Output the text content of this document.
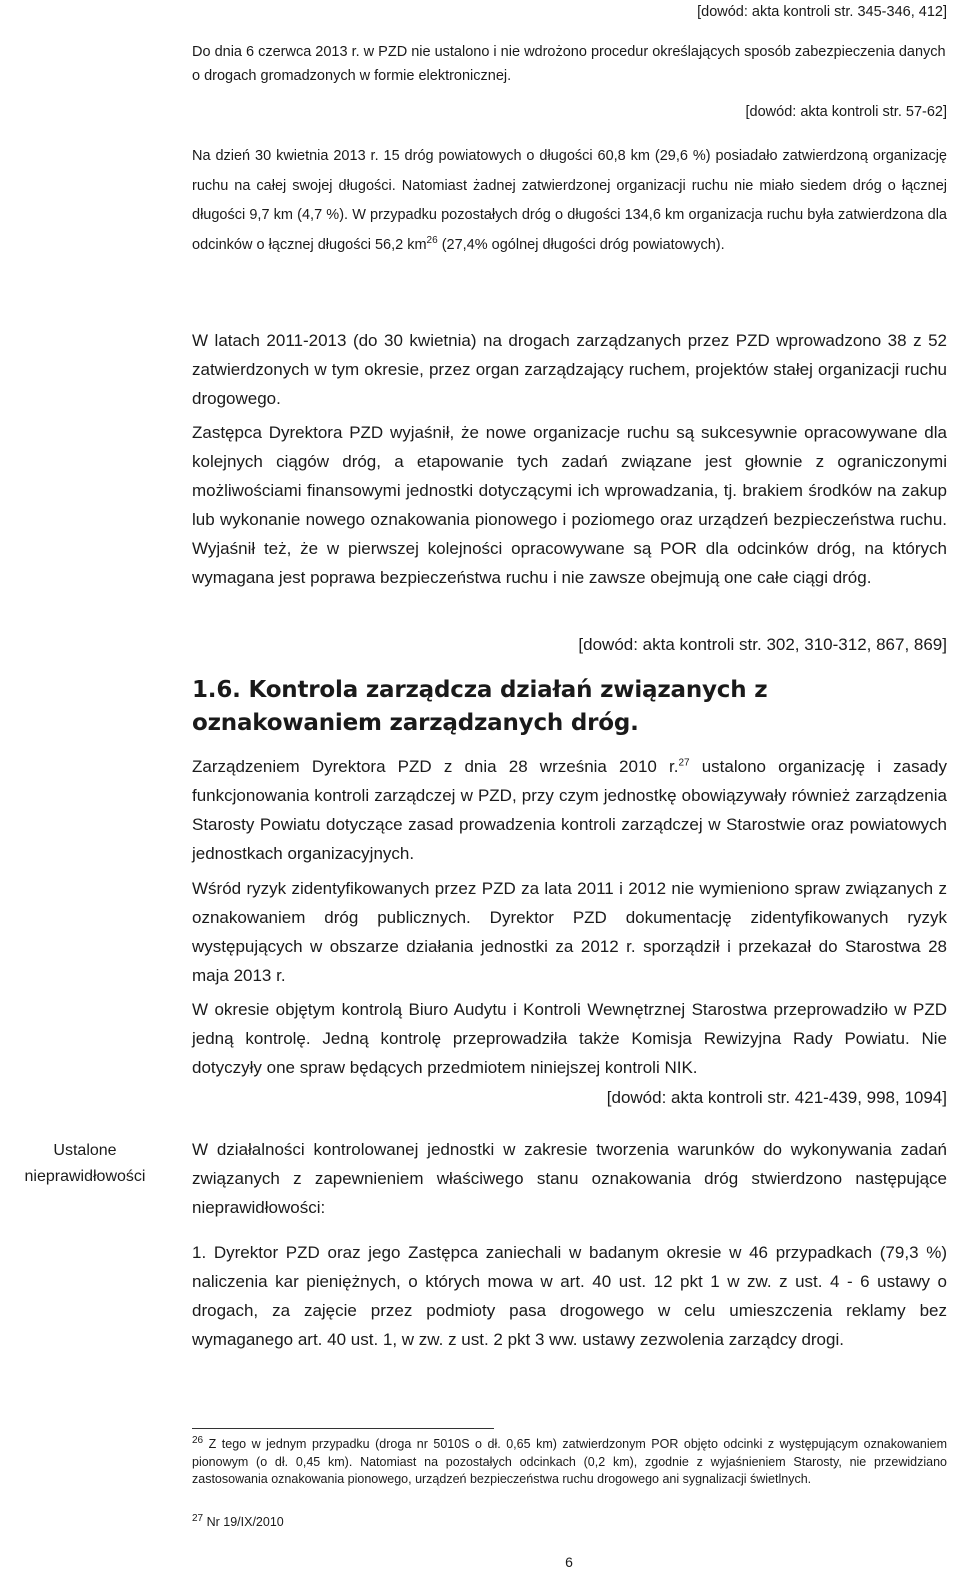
[dowód: akta kontroli str. 345-346, 412]
Do dnia 6 czerwca 2013 r. w PZD nie ustalono i nie wdrożono procedur określających sposób zabezpieczenia danych o drogach gromadzonych w formie elektronicznej.
[dowód: akta kontroli str. 57-62]
Na dzień 30 kwietnia 2013 r. 15 dróg powiatowych o długości 60,8 km (29,6 %) posiadało zatwierdzoną organizację ruchu na całej swojej długości. Natomiast żadnej zatwierdzonej organizacji ruchu nie miało siedem dróg o łącznej długości 9,7 km (4,7 %). W przypadku pozostałych dróg o długości 134,6 km organizacja ruchu była zatwierdzona dla odcinków o łącznej długości 56,2 $km^{26}$ (27,4% ogólnej długości dróg powiatowych).
W latach 2011-2013 (do 30 kwietnia) na drogach zarządzanych przez PZD wprowadzono 38 z 52 zatwierdzonych w tym okresie, przez organ zarządzający ruchem, projektów stałej organizacji ruchu drogowego.
Zastępca Dyrektora PZD wyjaśnił, że nowe organizacje ruchu są sukcesywnie opracowywane dla kolejnych ciągów dróg, a etapowanie tych zadań związane jest głownie z ograniczonymi możliwościami finansowymi jednostki dotyczącymi ich wprowadzania, tj. brakiem środków na zakup lub wykonanie nowego oznakowania pionowego i poziomego oraz urządzeń bezpieczeństwa ruchu. Wyjaśnił też, że w pierwszej kolejności opracowywane są POR dla odcinków dróg, na których wymagana jest poprawa bezpieczeństwa ruchu i nie zawsze obejmują one całe ciągi dróg.
[dowód: akta kontroli str. 302, 310-312, 867, 869]
1.6. Kontrola zarządcza działań związanych z oznakowaniem zarządzanych dróg.
Zarządzeniem Dyrektora PZD z dnia 28 września 2010 r.$^{27}$ ustalono organizację i zasady funkcjonowania kontroli zarządczej w PZD, przy czym jednostkę obowiązywały również zarządzenia Starosty Powiatu dotyczące zasad prowadzenia kontroli zarządczej w Starostwie oraz powiatowych jednostkach organizacyjnych.
Wśród ryzyk zidentyfikowanych przez PZD za lata 2011 i 2012 nie wymieniono spraw związanych z oznakowaniem dróg publicznych. Dyrektor PZD dokumentację zidentyfikowanych ryzyk występujących w obszarze działania jednostki za 2012 r. sporządził i przekazał do Starostwa 28 maja 2013 r.
W okresie objętym kontrolą Biuro Audytu i Kontroli Wewnętrznej Starostwa przeprowadziło w PZD jedną kontrolę. Jedną kontrolę przeprowadziła także Komisja Rewizyjna Rady Powiatu. Nie dotyczyły one spraw będących przedmiotem niniejszej kontroli NIK.
[dowód: akta kontroli str. 421-439, 998, 1094]
Ustalone
nieprawidłowości
W działalności kontrolowanej jednostki w zakresie tworzenia warunków do wykonywania zadań związanych z zapewnieniem właściwego stanu oznakowania dróg stwierdzono następujące nieprawidłowości:
1. Dyrektor PZD oraz jego Zastępca zaniechali w badanym okresie w 46 przypadkach (79,3 %) naliczenia kar pieniężnych, o których mowa w art. 40 ust. 12 pkt 1 w zw. z ust. 4 - 6 ustawy o drogach, za zajęcie przez podmioty pasa drogowego w celu umieszczenia reklamy bez wymaganego art. 40 ust. 1, w zw. z ust. 2 pkt 3 ww. ustawy zezwolenia zarządcy drogi.
$^{26}$ Z tego w jednym przypadku (droga nr 5010S o dł. 0,65 km) zatwierdzonym POR objęto odcinki z występującym oznakowaniem pionowym (o dł. 0,45 km). Natomiast na pozostałych odcinkach (0,2 km), zgodnie z wyjaśnieniem Starosty, nie przewidziano zastosowania oznakowania pionowego, urządzeń bezpieczeństwa ruchu drogowego ani sygnalizacji świetlnych.
$^{27}$ Nr 19/IX/2010
6
